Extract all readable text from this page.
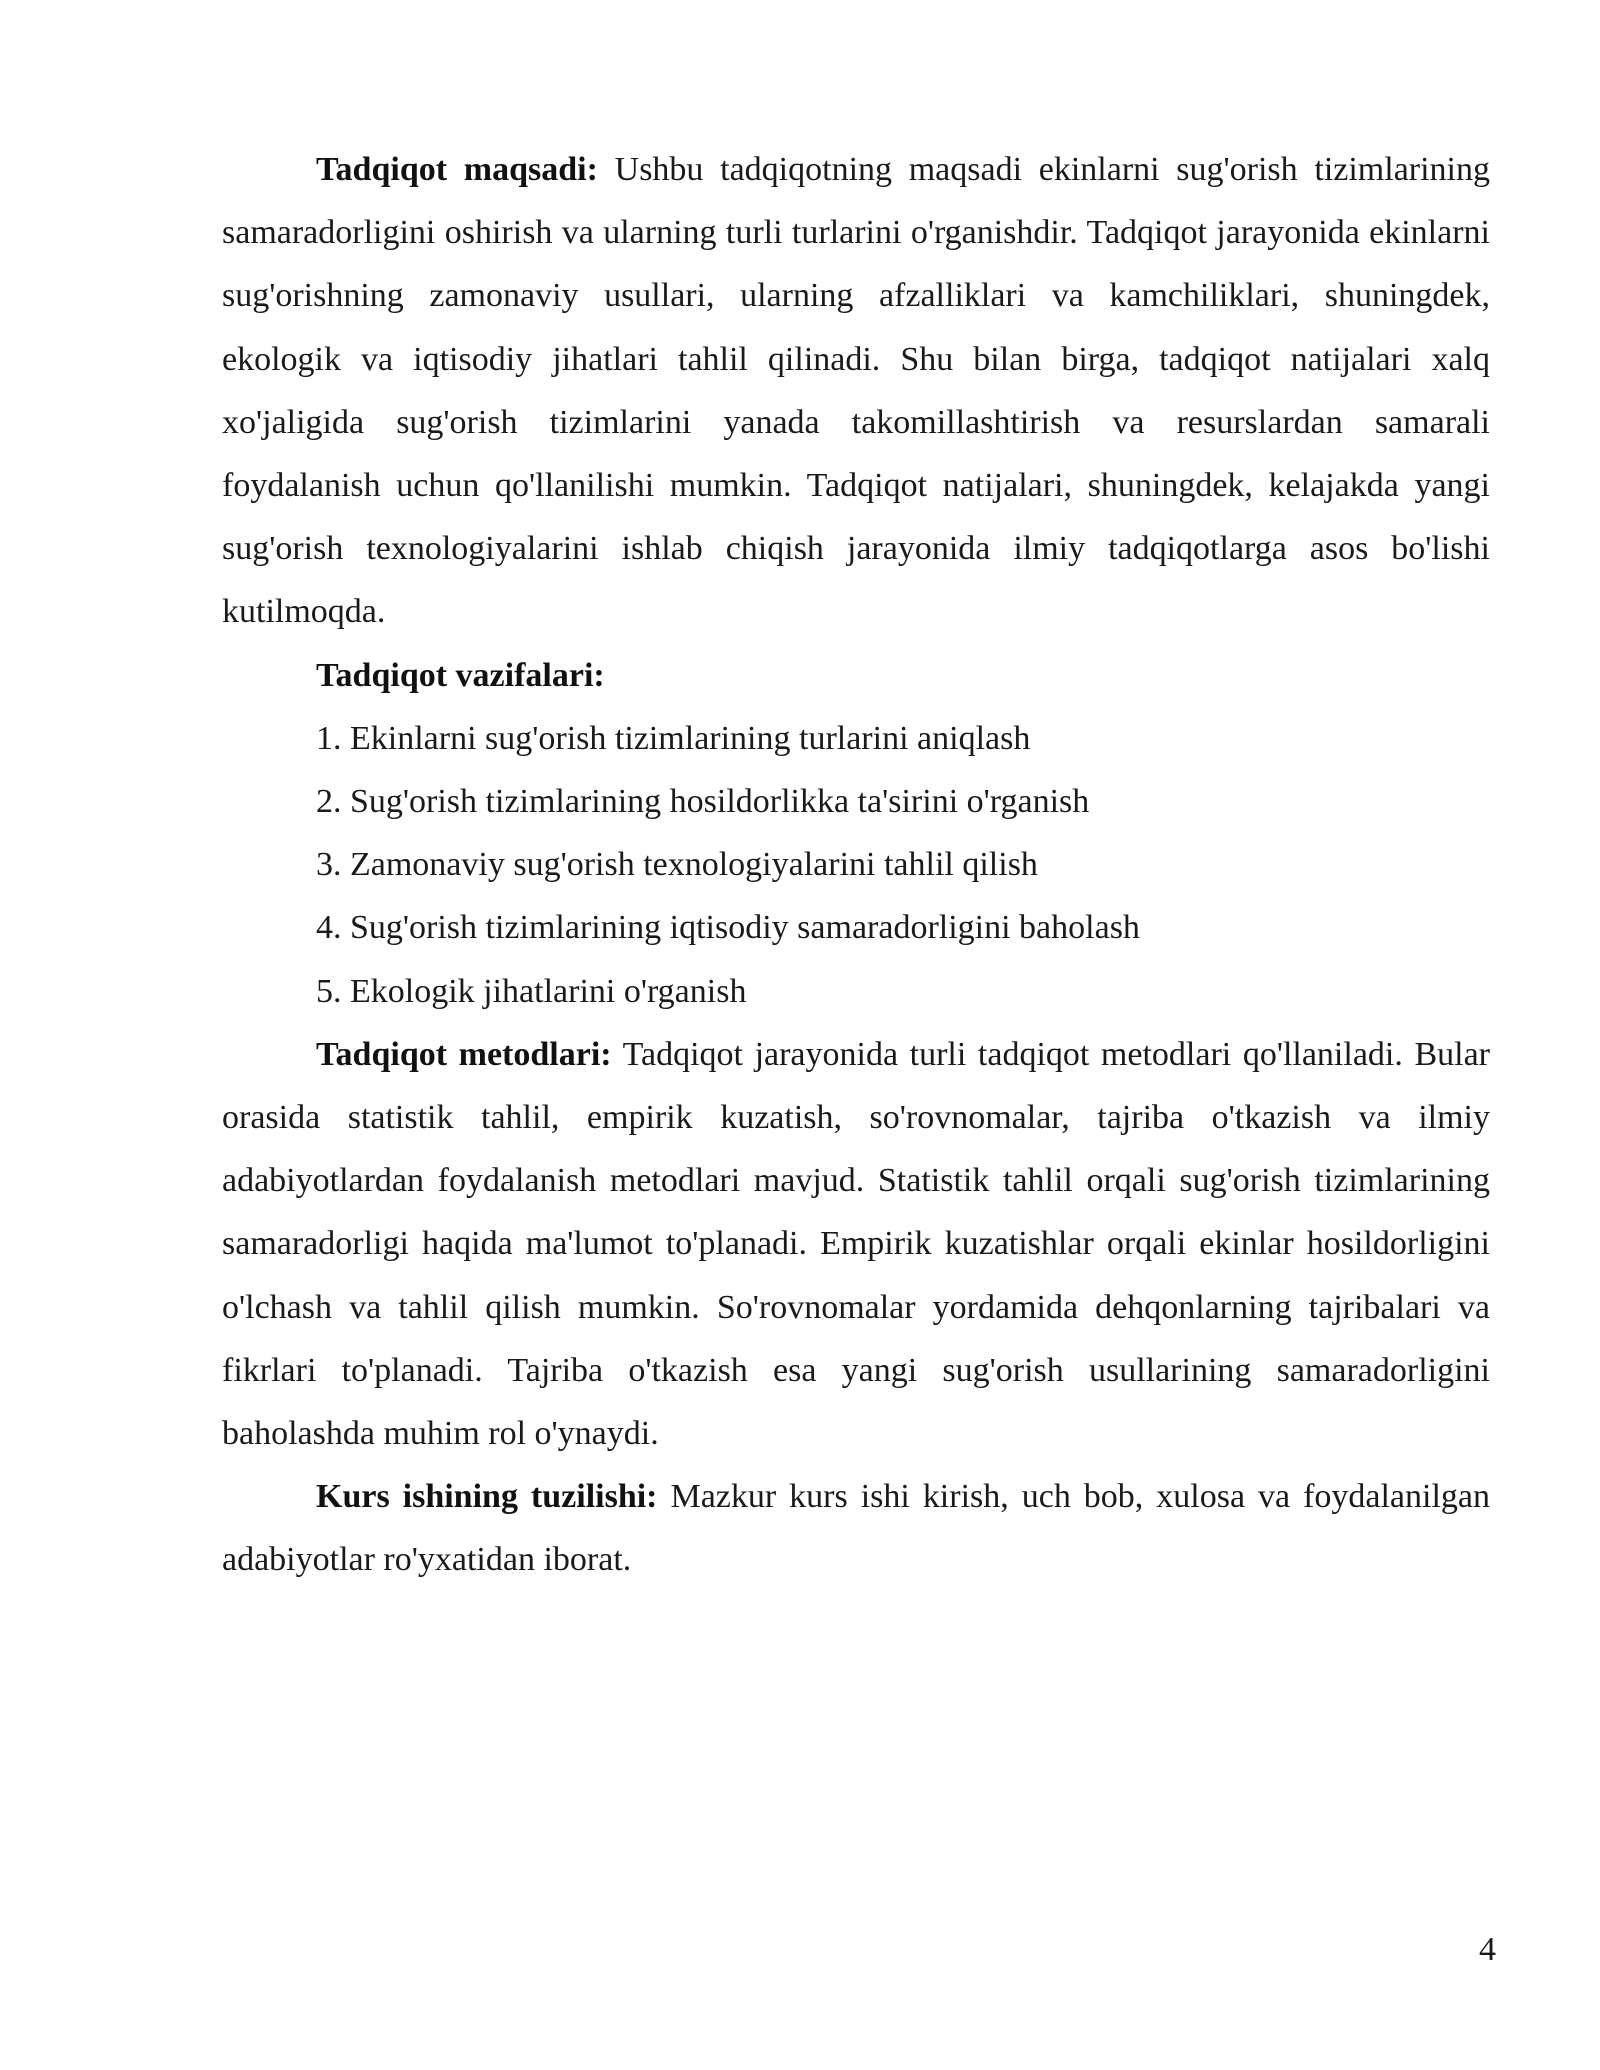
Tadqiqot maqsadi: Ushbu tadqiqotning maqsadi ekinlarni sug'orish tizimlarining samaradorligini oshirish va ularning turli turlarini o'rganishdir. Tadqiqot jarayonida ekinlarni sug'orishning zamonaviy usullari, ularning afzalliklari va kamchiliklari, shuningdek, ekologik va iqtisodiy jihatlari tahlil qilinadi. Shu bilan birga, tadqiqot natijalari xalq xo'jaligida sug'orish tizimlarini yanada takomillashtirish va resurslardan samarali foydalanish uchun qo'llanilishi mumkin. Tadqiqot natijalari, shuningdek, kelajakda yangi sug'orish texnologiyalarini ishlab chiqish jarayonida ilmiy tadqiqotlarga asos bo'lishi kutilmoqda.

Tadqiqot vazifalari:

1. Ekinlarni sug'orish tizimlarining turlarini aniqlash
2. Sug'orish tizimlarining hosildorlikka ta'sirini o'rganish
3. Zamonaviy sug'orish texnologiyalarini tahlil qilish
4. Sug'orish tizimlarining iqtisodiy samaradorligini baholash
5. Ekologik jihatlarini o'rganish

Tadqiqot metodlari: Tadqiqot jarayonida turli tadqiqot metodlari qo'llaniladi. Bular orasida statistik tahlil, empirik kuzatish, so'rovnomalar, tajriba o'tkazish va ilmiy adabiyotlardan foydalanish metodlari mavjud. Statistik tahlil orqali sug'orish tizimlarining samaradorligi haqida ma'lumot to'planadi. Empirik kuzatishlar orqali ekinlar hosildorligini o'lchash va tahlil qilish mumkin. So'rovnomalar yordamida dehqonlarning tajribalari va fikrlari to'planadi. Tajriba o'tkazish esa yangi sug'orish usullarining samaradorligini baholashda muhim rol o'ynaydi.

Kurs ishining tuzilishi: Mazkur kurs ishi kirish, uch bob, xulosa va foydalanilgan adabiyotlar ro'yxatidan iborat.

4
